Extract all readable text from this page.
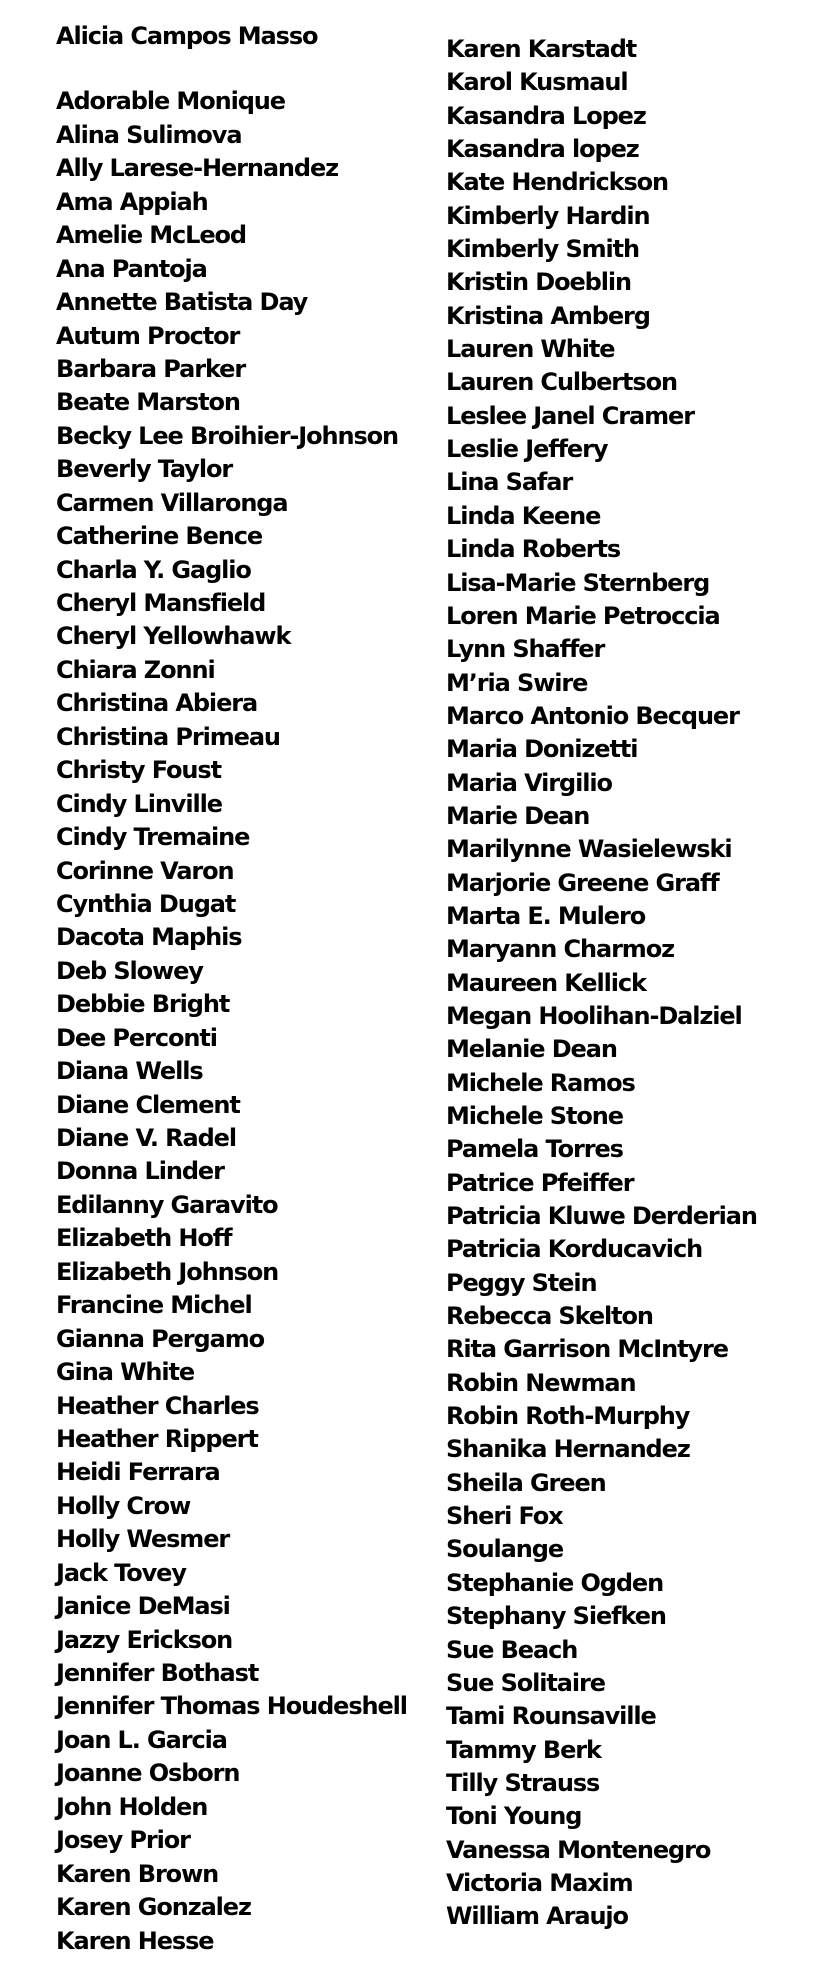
Alicia Campos Masso
Adorable Monique
Alina Sulimova
Ally Larese-Hernandez
Ama Appiah
Amelie McLeod
Ana Pantoja
Annette Batista Day
Autum Proctor
Barbara Parker
Beate Marston
Becky Lee Broihier-Johnson
Beverly Taylor
Carmen Villaronga
Catherine Bence
Charla Y. Gaglio
Cheryl Mansfield
Cheryl Yellowhawk
Chiara Zonni
Christina Abiera
Christina Primeau
Christy Foust
Cindy Linville
Cindy Tremaine
Corinne Varon
Cynthia Dugat
Dacota Maphis
Deb Slowey
Debbie Bright
Dee Perconti
Diana Wells
Diane Clement
Diane V. Radel
Donna Linder
Edilanny Garavito
Elizabeth Hoff
Elizabeth Johnson
Francine Michel
Gianna Pergamo
Gina White
Heather Charles
Heather Rippert
Heidi Ferrara
Holly Crow
Holly Wesmer
Jack Tovey
Janice DeMasi
Jazzy Erickson
Jennifer Bothast
Jennifer Thomas Houdeshell
Joan L. Garcia
Joanne Osborn
John Holden
Josey Prior
Karen Brown
Karen Gonzalez
Karen Hesse
Karen Karstadt
Karol Kusmaul
Kasandra Lopez
Kasandra lopez
Kate Hendrickson
Kimberly Hardin
Kimberly Smith
Kristin Doeblin
Kristina Amberg
Lauren White
Lauren Culbertson
Leslee Janel Cramer
Leslie Jeffery
Lina Safar
Linda Keene
Linda Roberts
Lisa-Marie Sternberg
Loren Marie Petroccia
Lynn Shaffer
M’ria Swire
Marco Antonio Becquer
Maria Donizetti
Maria Virgilio
Marie Dean
Marilynne Wasielewski
Marjorie Greene Graff
Marta E. Mulero
Maryann Charmoz
Maureen Kellick
Megan Hoolihan-Dalziel
Melanie Dean
Michele Ramos
Michele Stone
Pamela Torres
Patrice Pfeiffer
Patricia Kluwe Derderian
Patricia Korducavich
Peggy Stein
Rebecca Skelton
Rita Garrison McIntyre
Robin Newman
Robin Roth-Murphy
Shanika Hernandez
Sheila Green
Sheri Fox
Soulange
Stephanie Ogden
Stephany Siefken
Sue Beach
Sue Solitaire
Tami Rounsaville
Tammy Berk
Tilly Strauss
Toni Young
Vanessa Montenegro
Victoria Maxim
William Araujo
